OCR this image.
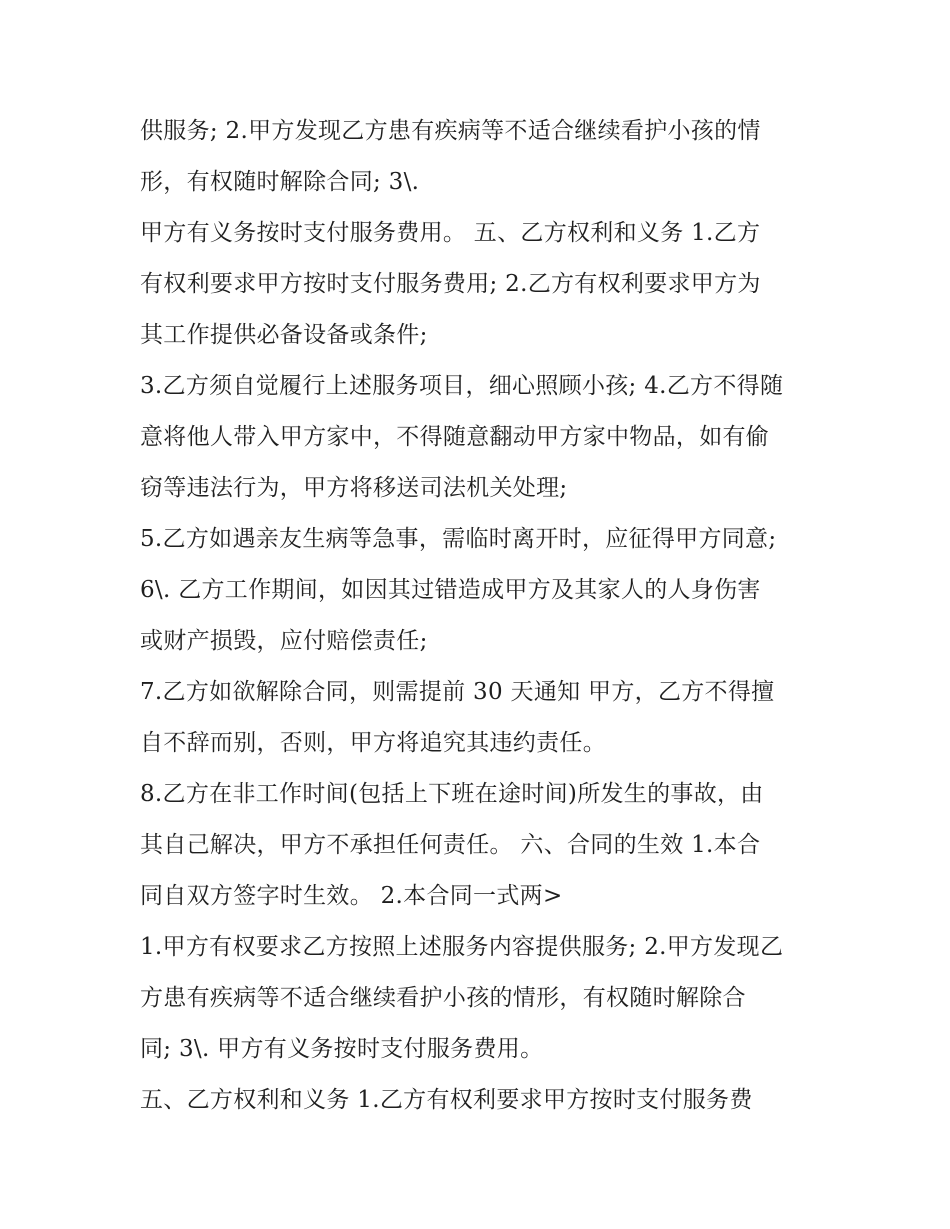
供服务; 2.甲方发现乙方患有疾病等不适合继续看护小孩的情
形，有权随时解除合同; 3\.
甲方有义务按时支付服务费用。 五、乙方权利和义务 1.乙方
有权利要求甲方按时支付服务费用; 2.乙方有权利要求甲方为
其工作提供必备设备或条件;
3.乙方须自觉履行上述服务项目，细心照顾小孩; 4.乙方不得随
意将他人带入甲方家中，不得随意翻动甲方家中物品，如有偷
窃等违法行为，甲方将移送司法机关处理;
5.乙方如遇亲友生病等急事，需临时离开时，应征得甲方同意;
6\. 乙方工作期间，如因其过错造成甲方及其家人的人身伤害
或财产损毁，应付赔偿责任;
7.乙方如欲解除合同，则需提前 30 天通知 甲方，乙方不得擅
自不辞而别，否则，甲方将追究其违约责任。
8.乙方在非工作时间(包括上下班在途时间)所发生的事故，由
其自己解决，甲方不承担任何责任。 六、合同的生效 1.本合
同自双方签字时生效。 2.本合同一式两>
1.甲方有权要求乙方按照上述服务内容提供服务; 2.甲方发现乙
方患有疾病等不适合继续看护小孩的情形，有权随时解除合
同; 3\. 甲方有义务按时支付服务费用。
五、乙方权利和义务 1.乙方有权利要求甲方按时支付服务费
